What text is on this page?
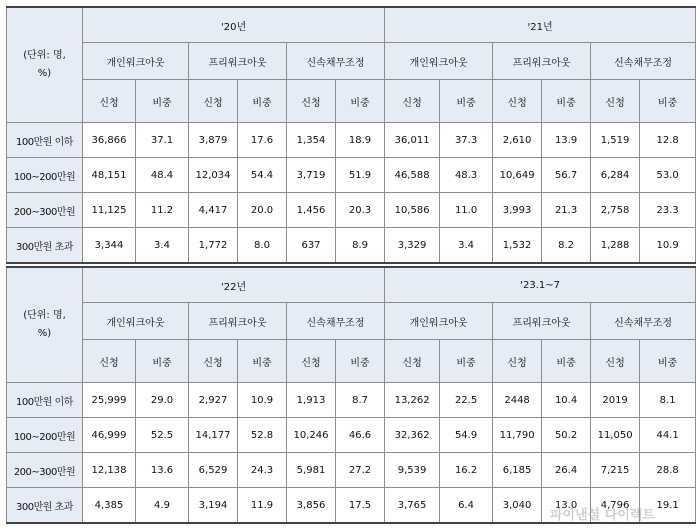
(단위: 명,
%)	'20년						'21년					
	개인워크아웃		프리워크아웃		신속채무조정		개인워크아웃		프리워크아웃		신속채무조정	
	신청	비중	신청	비중	신청	비중	신청	비중	신청	비중	신청	비중
100만원 이하	36,866	37.1	3,879	17.6	1,354	18.9	36,011	37.3	2,610	13.9	1,519	12.8
100~200만원	48,151	48.4	12,034	54.4	3,719	51.9	46,588	48.3	10,649	56.7	6,284	53.0
200~300만원	11,125	11.2	4,417	20.0	1,456	20.3	10,586	11.0	3,993	21.3	2,758	23.3
300만원 초과	3,344	3.4	1,772	8.0	637	8.9	3,329	3.4	1,532	8.2	1,288	10.9
(단위: 명,
%)	'22년						'23.1~7					
	개인워크아웃		프리워크아웃		신속채무조정		개인워크아웃		프리워크아웃		신속채무조정	
	신청	비중	신청	비중	신청	비중	신청	비중	신청	비중	신청	비중
100만원 이하	25,999	29.0	2,927	10.9	1,913	8.7	13,262	22.5	2448	10.4	2019	8.1
100~200만원	46,999	52.5	14,177	52.8	10,246	46.6	32,362	54.9	11,790	50.2	11,050	44.1
200~300만원	12,138	13.6	6,529	24.3	5,981	27.2	9,539	16.2	6,185	26.4	7,215	28.8
300만원 초과	4,385	4.9	3,194	11.9	3,856	17.5	3,765	6.4	3,040	13.0	4,796	19.1
파이낸셜 다이렉트
